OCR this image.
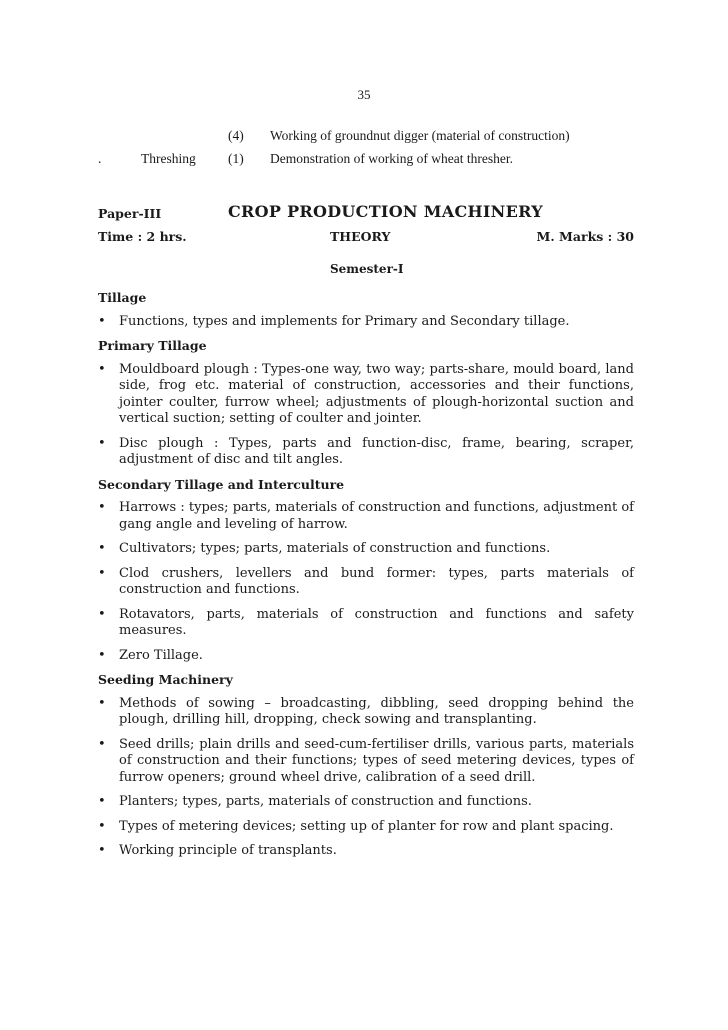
35
(4) Working of groundnut digger (material of construction)
.	Threshing (1) Demonstration of working of wheat thresher.
Paper-III	CROP PRODUCTION MACHINERY
Time : 2 hrs.	THEORY	M. Marks : 30
Semester-I
Tillage
• Functions, types and implements for Primary and Secondary tillage.
Primary Tillage
• Mouldboard plough : Types-one way, two way; parts-share, mould board, land side, frog etc. material of construction, accessories and their functions, jointer coulter, furrow wheel; adjustments of plough-horizontal suction and vertical suction; setting of coulter and jointer.
• Disc plough : Types, parts and function-disc, frame, bearing, scraper, adjustment of disc and tilt angles.
Secondary Tillage and Interculture
• Harrows : types; parts, materials of construction and functions, adjustment of gang angle and leveling of harrow.
• Cultivators; types; parts, materials of construction and functions.
• Clod crushers, levellers and bund former: types, parts materials of construction and functions.
• Rotavators, parts, materials of construction and functions and safety measures.
• Zero Tillage.
Seeding Machinery
• Methods of sowing – broadcasting, dibbling, seed dropping behind the plough, drilling hill, dropping, check sowing and transplanting.
• Seed drills; plain drills and seed-cum-fertiliser drills, various parts, materials of construction and their functions; types of seed metering devices, types of furrow openers; ground wheel drive, calibration of a seed drill.
• Planters; types, parts, materials of construction and functions.
• Types of metering devices; setting up of planter for row and plant spacing.
• Working principle of transplants.
